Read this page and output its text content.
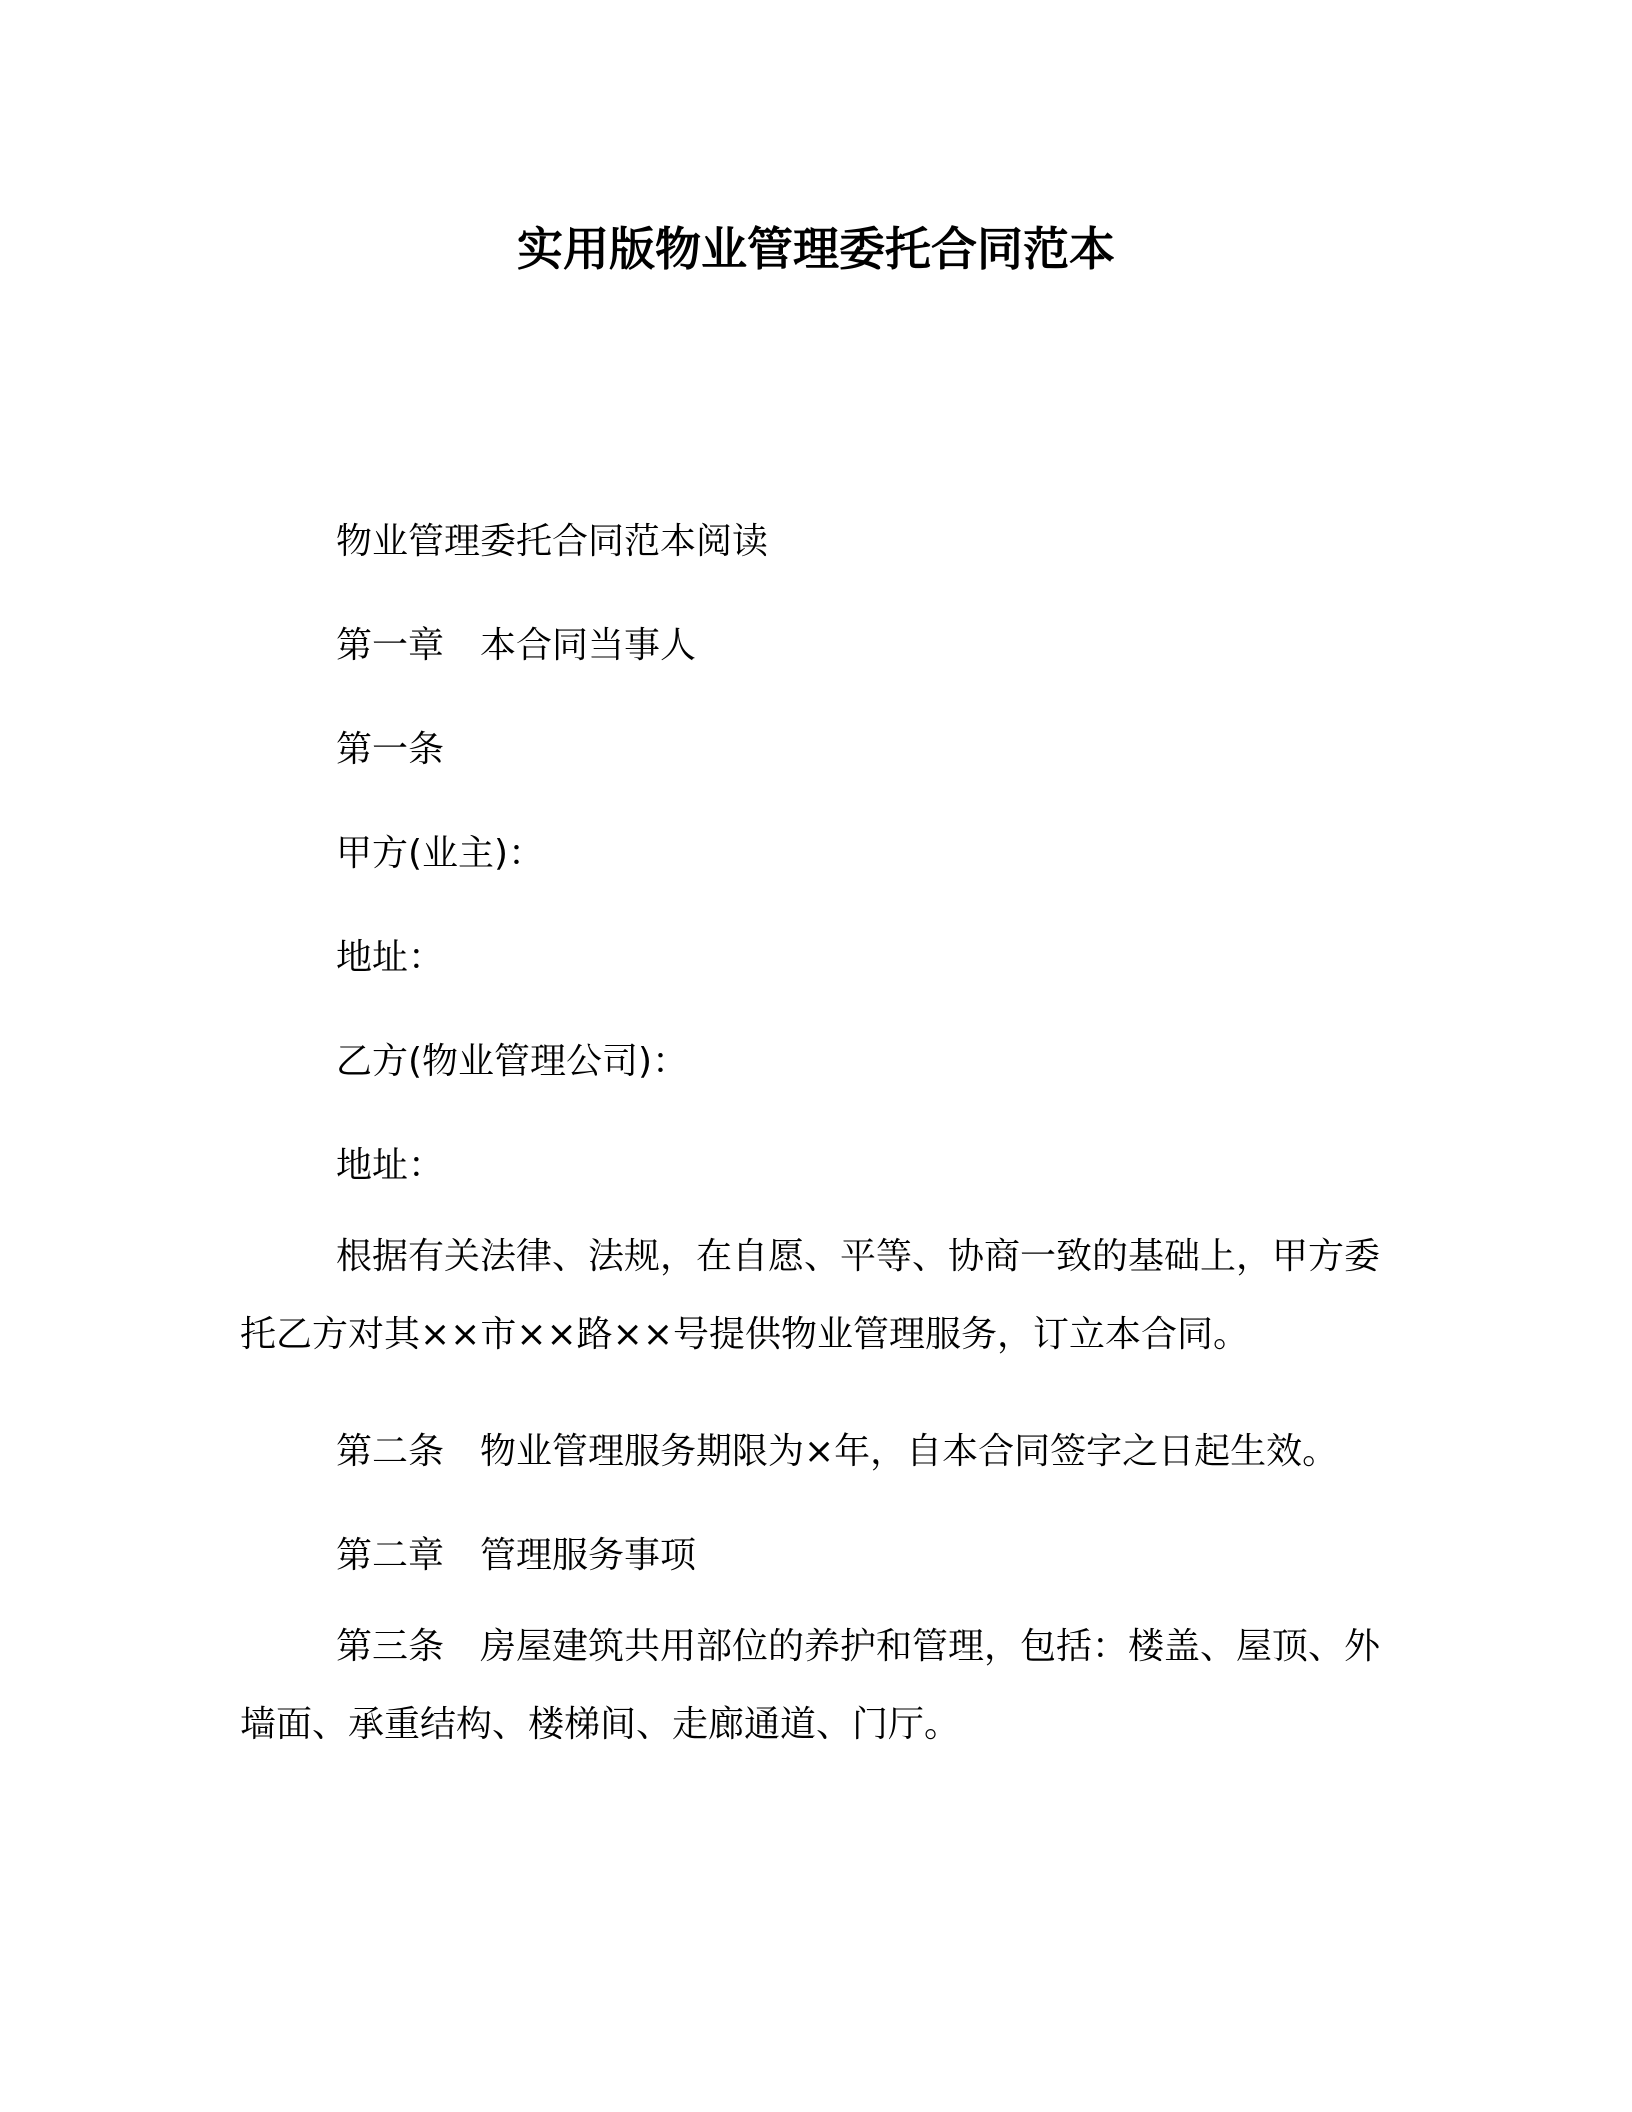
实用版物业管理委托合同范本

物业管理委托合同范本阅读

第一章　本合同当事人

第一条

甲方(业主)：

地址：

乙方(物业管理公司)：

地址：

根据有关法律、法规，在自愿、平等、协商一致的基础上，甲方委托乙方对其××市××路××号提供物业管理服务，订立本合同。

第二条　物业管理服务期限为×年，自本合同签字之日起生效。

第二章　管理服务事项

第三条　房屋建筑共用部位的养护和管理，包括：楼盖、屋顶、外墙面、承重结构、楼梯间、走廊通道、门厅。
